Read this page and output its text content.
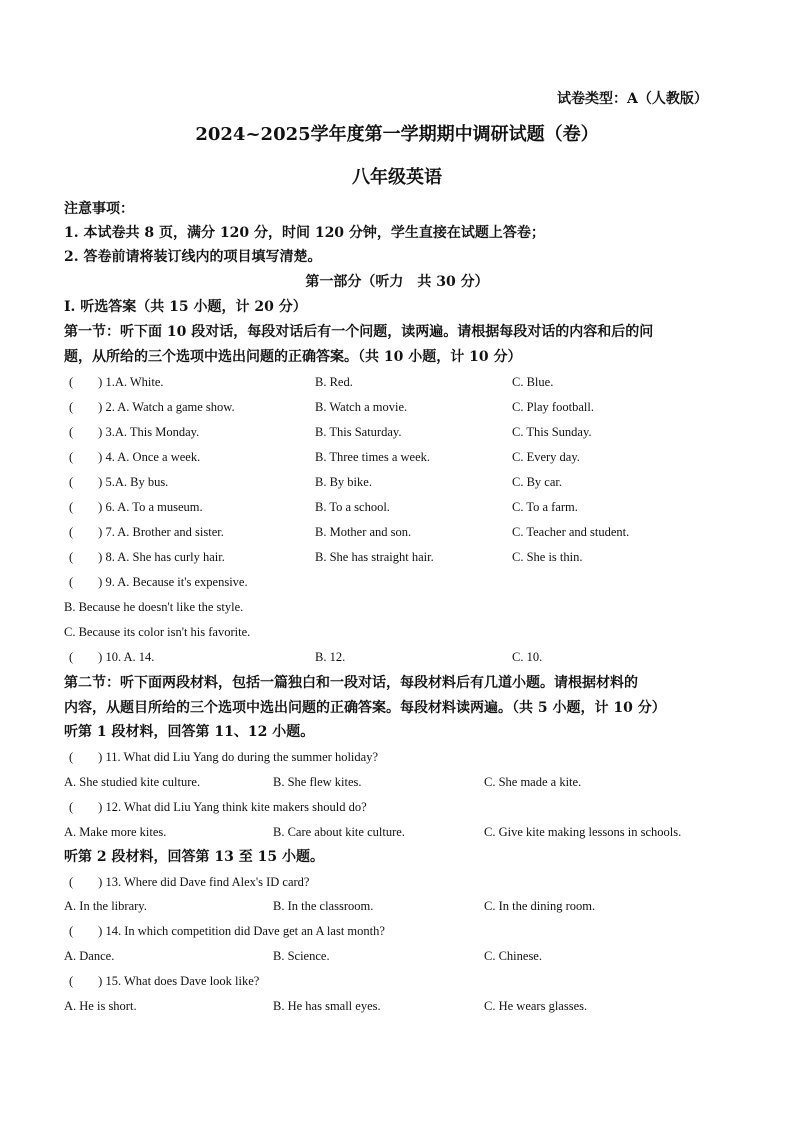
试卷类型：A（人教版）
2024~2025学年度第一学期期中调研试题（卷）
八年级英语
注意事项：
1. 本试卷共 8 页，满分 120 分，时间 120 分钟，学生直接在试题上答卷；
2. 答卷前请将装订线内的项目填写清楚。
第一部分（听力　共 30 分）
Ⅰ. 听选答案（共 15 小题，计 20 分）
第一节：听下面 10 段对话，每段对话后有一个问题，读两遍。请根据每段对话的内容和后的问
题，从所给的三个选项中选出问题的正确答案。（共 10 小题，计 10 分）
(　　) 1.A. White.	B. Red.	C. Blue.
(　　) 2. A. Watch a game show.	B. Watch a movie.	C. Play football.
(　　) 3.A. This Monday.	B. This Saturday.	C. This Sunday.
(　　) 4. A. Once a week.	B. Three times a week.	C. Every day.
(　　) 5.A. By bus.	B. By bike.	C. By car.
(　　) 6. A. To a museum.	B. To a school.	C. To a farm.
(　　) 7. A. Brother and sister.	B. Mother and son.	C. Teacher and student.
(　　) 8. A. She has curly hair.	B. She has straight hair.	C. She is thin.
(　　) 9. A. Because it's expensive.
B. Because he doesn't like the style.
C. Because its color isn't his favorite.
(　　) 10. A. 14.	B. 12.	C. 10.
第二节：听下面两段材料，包括一篇独白和一段对话，每段材料后有几道小题。请根据材料的
内容，从题目所给的三个选项中选出问题的正确答案。每段材料读两遍。（共 5 小题，计 10 分）
听第 1 段材料，回答第 11、12 小题。
(　　) 11. What did Liu Yang do during the summer holiday?
A. She studied kite culture.	B. She flew kites.	C. She made a kite.
(　　) 12. What did Liu Yang think kite makers should do?
A. Make more kites.	B. Care about kite culture.	C. Give kite making lessons in schools.
听第 2 段材料，回答第 13 至 15 小题。
(　　) 13. Where did Dave find Alex's ID card?
A. In the library.	B. In the classroom.	C. In the dining room.
(　　) 14. In which competition did Dave get an A last month?
A. Dance.	B. Science.	C. Chinese.
(　　) 15. What does Dave look like?
A. He is short.	B. He has small eyes.	C. He wears glasses.
